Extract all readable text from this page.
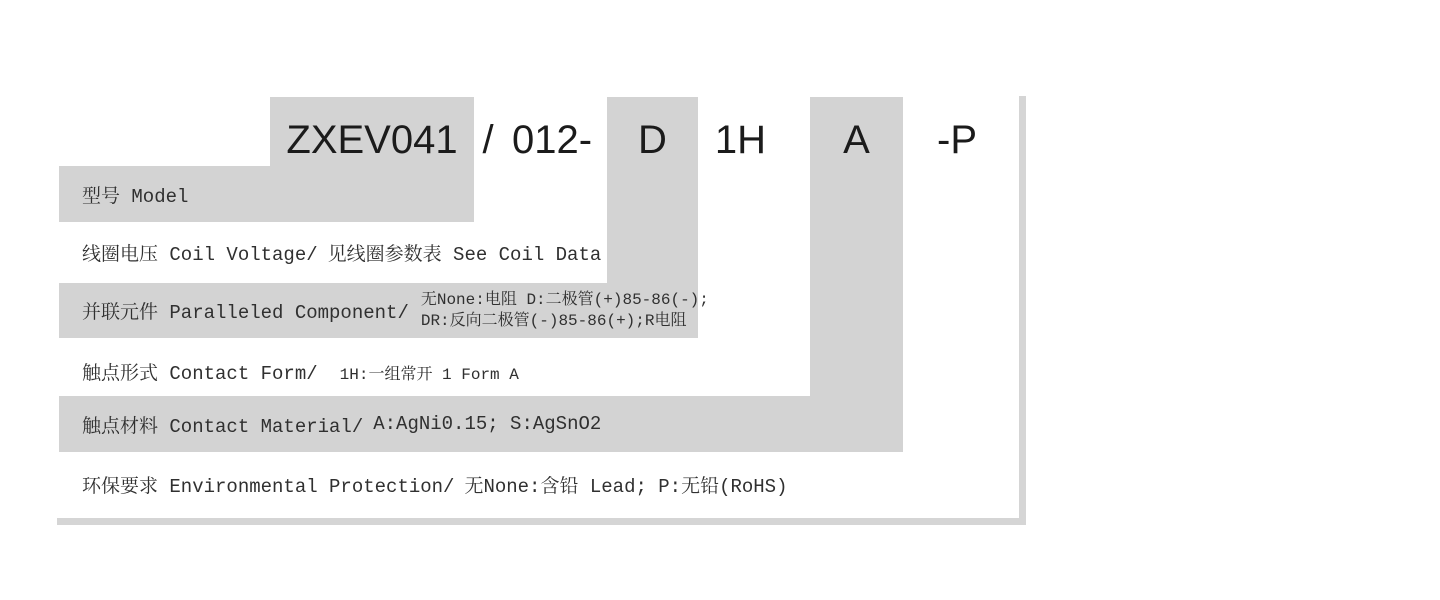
ZXEV041 / 012-	D	1H	A	-P
型号 Model
线圈电压 Coil Voltage/ 见线圈参数表 See Coil Data
并联元件 Paralleled Component/
无None:电阻 D:二极管(+)85-86(-);
DR:反向二极管(-)85-86(+);R电阻
触点形式 Contact Form/ 1H:一组常开 1 Form A
触点材料 Contact Material/ A:AgNi0.15; S:AgSnO2
环保要求 Environmental Protection/ 无None:含铅 Lead; P:无铅(RoHS)
